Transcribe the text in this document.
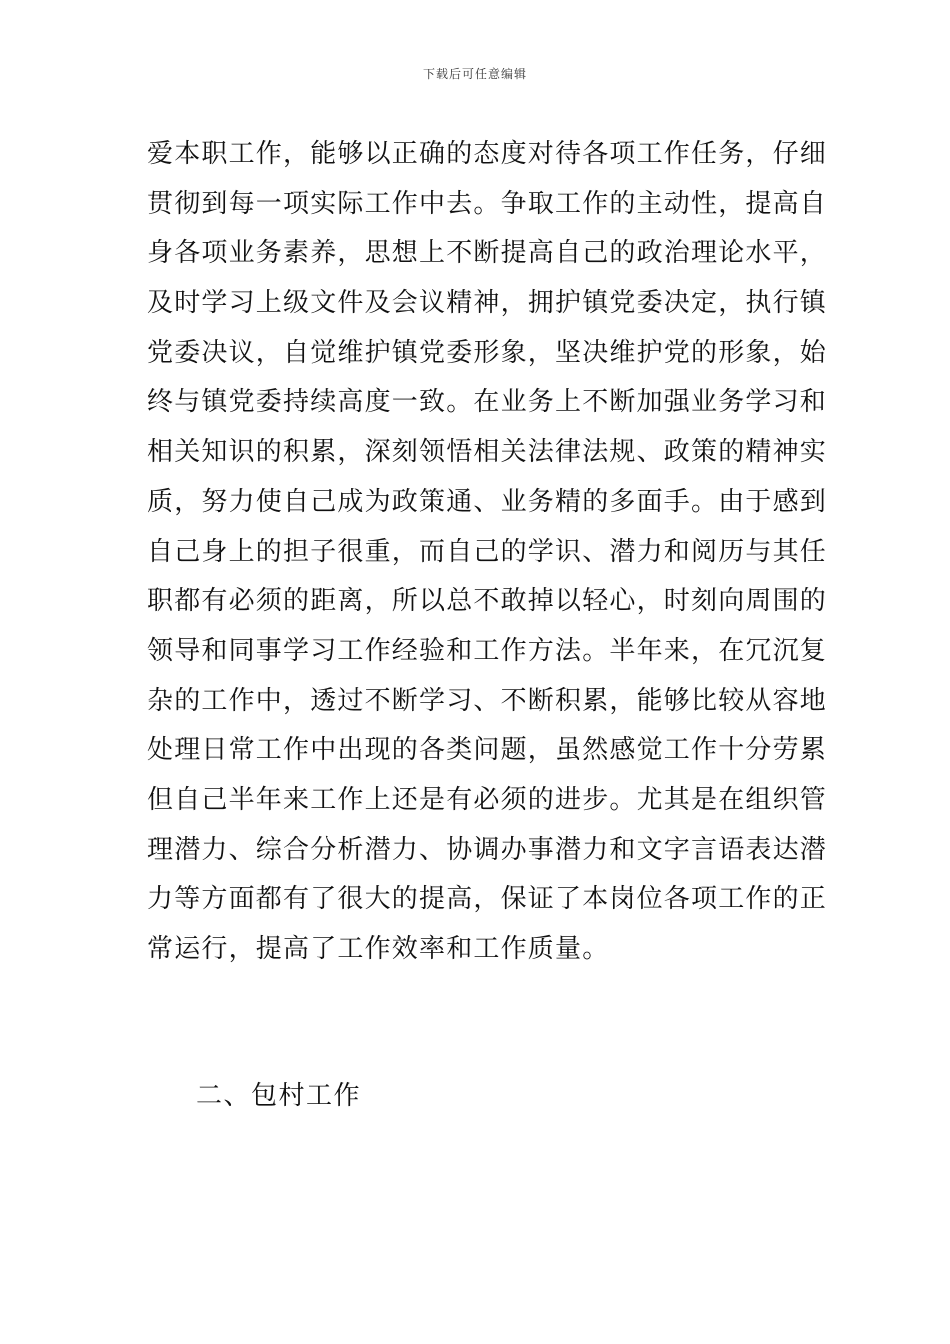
下载后可任意编辑
爱本职工作，能够以正确的态度对待各项工作任务，仔细
贯彻到每一项实际工作中去。争取工作的主动性，提高自
身各项业务素养，思想上不断提高自己的政治理论水平，
及时学习上级文件及会议精神，拥护镇党委决定，执行镇
党委决议，自觉维护镇党委形象，坚决维护党的形象，始
终与镇党委持续高度一致。在业务上不断加强业务学习和
相关知识的积累，深刻领悟相关法律法规、政策的精神实
质，努力使自己成为政策通、业务精的多面手。由于感到
自己身上的担子很重，而自己的学识、潜力和阅历与其任
职都有必须的距离，所以总不敢掉以轻心，时刻向周围的
领导和同事学习工作经验和工作方法。半年来，在冗沉复
杂的工作中，透过不断学习、不断积累，能够比较从容地
处理日常工作中出现的各类问题，虽然感觉工作十分劳累
但自己半年来工作上还是有必须的进步。尤其是在组织管
理潜力、综合分析潜力、协调办事潜力和文字言语表达潜
力等方面都有了很大的提高，保证了本岗位各项工作的正
常运行，提高了工作效率和工作质量。
二、包村工作
